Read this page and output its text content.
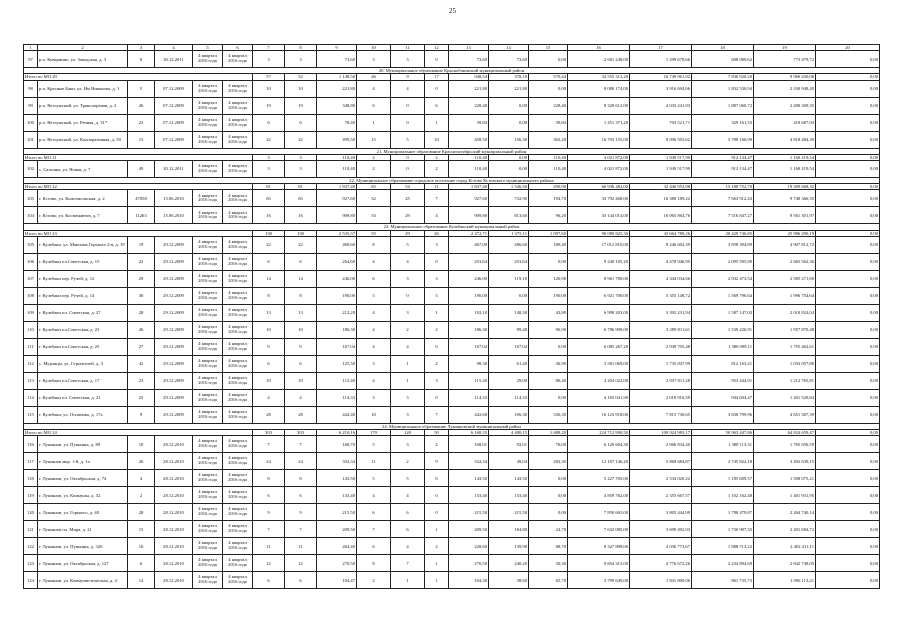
25
1	2	3	4	5	6	7	8	9	10	11	12	13	14	15	16	17	18	19	20
97	р.п. Коверинио, ул. Заводская, д. 3	8	30.12.2011	4 квартал 2016 года	4 квартал 2016 года	3	3	73,60	3	3	0	73,60	73,60	0,00	2 681 248,00	1 299 678,66	608 089,62	773 479,72	0,00
20. Муниципальное образование Краснобаковский муниципальный район																			
Итого по МО 20						57	52	1 148,50	26	9	17	948,54	378,10	570,44	34 555 312,20	16 749 961,92	7 836 920,20	9 960 430,08	0,00
98	р.п. Красные Баки, ул. Им Никонова, д. 1	5	07.12.2009	4 квартал 2016 года	4 квартал 2016 года	10	10	221,80	4	4	0	221,80	221,80	0,00	8 080 174,00	3 916 694,66	1 832 530,94	2 330 948,40	0,00
99	р.п. Ветлужский, ул. Транспортная, д. 2	26	07.12.2009	4 квартал 2016 года	4 квартал 2016 года	19	19	348,80	6	0	6	228,40	0,00	228,40	8 320 612,00	4 033 241,93	1 887 060,72	2 400 309,35	0,00
100	р.п. Ветлужский, ул. Речная, д. 31*	23	07.12.2009	4 квартал 2016 года	4 квартал 2016 года	6	6	78,40	1	0	1	39,84	0,00	39,84	1 451 371,20	703 521,71	329 161,55	418 687,94	0,00
101	р.п. Ветлужский, ул. Кооперативная, д. 50	15	07.12.2009	4 квартал 2016 года	4 квартал 2016 года	22	22	499,50	15	5	10	458,50	156,30	302,20	16 703 155,00	8 096 503,62	3 788 166,99	4 818 484,39	0,00
21. Муниципальное образование Краснооктябрьский муниципальный район																			
Итого по МО 21						3	3	110,40	2	0	2	110,40	0,00	110,40	4 021 872,00	1 949 517,99	912 134,47	1 160 219,54	0,00
102	с. Салганы, ул. Новая, д. 7	49	20.12.2011	4 квартал 2016 года	4 квартал 2016 года	3	3	110,40	2	0	2	110,40	0,00	110,40	4 021 872,00	1 949 517,99	912 134,47	1 160 219,54	0,00
22. Муниципальное образование городское поселение город Кстово Кстовского муниципального района																			
Итого по МО 22						81	81	1 837,40	65	54	11	1 837,40	1 546,50	290,90	66 936 482,00	32 446 953,98	15 180 752,70	19 309 668,32	0,00
103	г. Кстово, ул. Комсомольская, д. 2	47058	15.06.2010	4 квартал 2016 года	4 квартал 2016 года	65	65	927,60	32	25	7	927,60	732,90	194,70	33 792 468,00	16 380 189,22	7 663 912,43	9 748 366,35	0,00
104	г. Кстово, ул. Косменавтов, д. 7	11263	15.06.2010	4 квартал 2016 года	4 квартал 2016 года	16	16	909,80	33	29	4	909,80	813,60	96,20	33 144 014,00	16 065 864,76	7 516 847,27	9 561 301,97	0,00
23. Муниципальное образование Кулебакский муниципальный район																			
Итого по МО 23						130	130	2 535,37	55	29	26	2 472,71	1 375,11	1 097,60	90 080 825,30	43 664 788,26	20 429 746,85	25 986 290,19	0,00
105	г. Кулебаки, ул. Максима Горького 2-я, д. 19	19	29.12.2009	4 квартал 2016 года	4 квартал 2016 года	22	22	469,60	8	5	3	467,00	286,60	180,40	17 012 810,00	8 246 602,39	3 858 394,89	4 907 812,72	0,00
106	г. Кулебаки пл.Советская, д. 15	22	29.12.2009	4 квартал 2016 года	4 квартал 2016 года	6	6	264,60	4	4	0	253,64	253,64	0,00	9 240 105,20	4 478 946,95	2 095 595,89	2 665 562,36	0,00
107	г. Кулебаки пер. Ручей, д. 12	29	29.12.2009	4 квартал 2016 года	4 квартал 2016 года	14	14	246,00	6	3	3	246,00	119,10	126,90	8 961 780,00	4 344 034,66	2 032 473,54	2 585 271,80	0,00
108	г. Кулебаки пер. Ручей, д. 14	30	29.12.2009	4 квартал 2016 года	4 квартал 2016 года	8	8	190,00	5	0	5	190,00	0,00	190,00	6 921 700,00	3 355 148,72	1 569 796,64	1 996 754,64	0,00
109	г. Кулебаки пл. Советская, д. 27	28	29.12.2009	4 квартал 2016 года	4 квартал 2016 года	13	13	212,20	4	3	1	192,10	148,30	43,80	6 998 203,00	3 392 231,94	1 587 147,02	2 018 824,04	0,00
110	г. Кулебаки пл.Советская, д. 23	26	29.12.2009	4 квартал 2016 года	4 квартал 2016 года	10	10	186,30	4	2	2	186,30	89,40	96,90	6 786 909,00	3 289 811,61	1 539 226,91	1 957 870,48	0,00
111	г. Кулебаки пл.Советская, д. 25	27	29.12.2009	4 квартал 2016 года	4 квартал 2016 года	9	9	167,04	4	4	0	167,04	167,04	0,00	6 085 267,20	2 949 705,48	1 380 099,11	1 755 462,61	0,00
112	с. Мурзицы, ул. Строителей, д. 3	42	29.12.2009	4 квартал 2016 года	4 квартал 2016 года	6	6	125,50	3	1	2	98,30	61,40	36,90	3 581 069,00	1 735 847,99	812 163,21	1 033 057,80	0,00
113	г. Кулебаки пл.Советская, д. 17	23	29.12.2009	4 квартал 2016 года	4 квартал 2016 года	10	10	115,40	4	1	3	115,40	29,00	86,40	4 204 022,00	2 037 811,28	953 444,91	1 212 765,81	0,00
114	г. Кулебаки пл. Советская, д. 21	25	29.12.2009	4 квартал 2016 года	4 квартал 2016 года	4	4	114,33	3	3	0	114,33	114,33	0,00	4 165 041,90	2 018 916,59	944 604,47	1 201 520,84	0,00
115	г. Кулебаки, ул. Осипенко, д. 17а	9	29.12.2009	4 квартал 2016 года	4 квартал 2016 года	28	28	444,40	10	3	7	442,60	106,30	336,30	16 123 918,00	7 815 730,65	3 656 799,96	4 651 387,39	0,00
24. Муниципальное образование Лукояновский муниципальный район																			
Итого по МО 24						303	303	6 210,16	170	120	50	6 168,35	4 480,15	1 688,20	224 712 990,50	108 924 983,17	50 963 447,86	64 824 659,47	0,00
116	г. Лукоянов, ул. Пушкина, д. 89	10	28.12.2010	4 квартал 2016 года	4 квартал 2016 года	7	7	168,70	5	3	2	168,01	92,01	76,00	6 120 604,30	2 966 834,40	1 388 113,31	1 765 656,59	0,00
117	г. Лукоянов мкр. 1-й, д. 1а	26	28.12.2010	4 квартал 2016 года	4 квартал 2016 года	24	24	332,34	11	2	9	332,34	49,04	283,30	12 107 146,20	5 868 684,87	2 745 822,18	3 492 639,15	0,00
118	г. Лукоянов, ул. Октябрьская, д. 74	4	28.12.2010	4 квартал 2016 года	4 квартал 2016 года	8	8	143,50	5	5	0	143,50	143,50	0,00	5 227 705,00	2 534 020,22	1 185 609,57	1 508 075,21	0,00
119	г. Лукоянов, ул. Коммуны, д. 52	2	28.12.2010	4 квартал 2016 года	4 квартал 2016 года	6	6	133,40	4	4	0	133,40	133,40	0,00	4 859 762,00	2 355 667,57	1 102 162,48	1 401 931,95	0,00
120	г. Лукоянов, ул. Горького, д. 40	28	28.12.2010	4 квартал 2016 года	4 квартал 2016 года	9	9	215,50	6	6	0	215,50	215,50	0,00	7 850 665,00	3 805 444,99	1 780 479,87	2 264 740,14	0,00
121	г. Лукоянов пл. Мира, д. 21	15	28.12.2010	4 квартал 2016 года	4 квартал 2016 года	7	7	209,50	7	6	1	209,50	184,80	24,70	7 632 085,00	3 699 492,93	1 730 907,35	2 201 684,72	0,00
122	г. Лукоянов, ул. Пушкина, д. 32б	16	28.12.2010	4 квартал 2016 года	4 квартал 2016 года	11	11	264,40	6	4	2	228,60	139,90	88,70	8 327 898,00	4 036 773,67	1 888 713,22	2 402 411,11	0,00
123	г. Лукоянов, ул. Октябрьская, д. 127	6	28.12.2010	4 квартал 2016 года	4 квартал 2016 года	12	12	270,50	8	7	1	270,50	240,20	30,30	9 854 315,00	4 776 672,26	2 234 894,69	2 842 748,05	0,00
124	г. Лукоянов, ул. Коммунистическая, д. 4	14	28.12.2010	4 квартал 2016 года	4 квартал 2016 года	6	6	104,47	2	1	1	104,30	38,60	65,70	3 799 649,00	1 841 800,06	861 735,73	1 096 113,21	0,00
